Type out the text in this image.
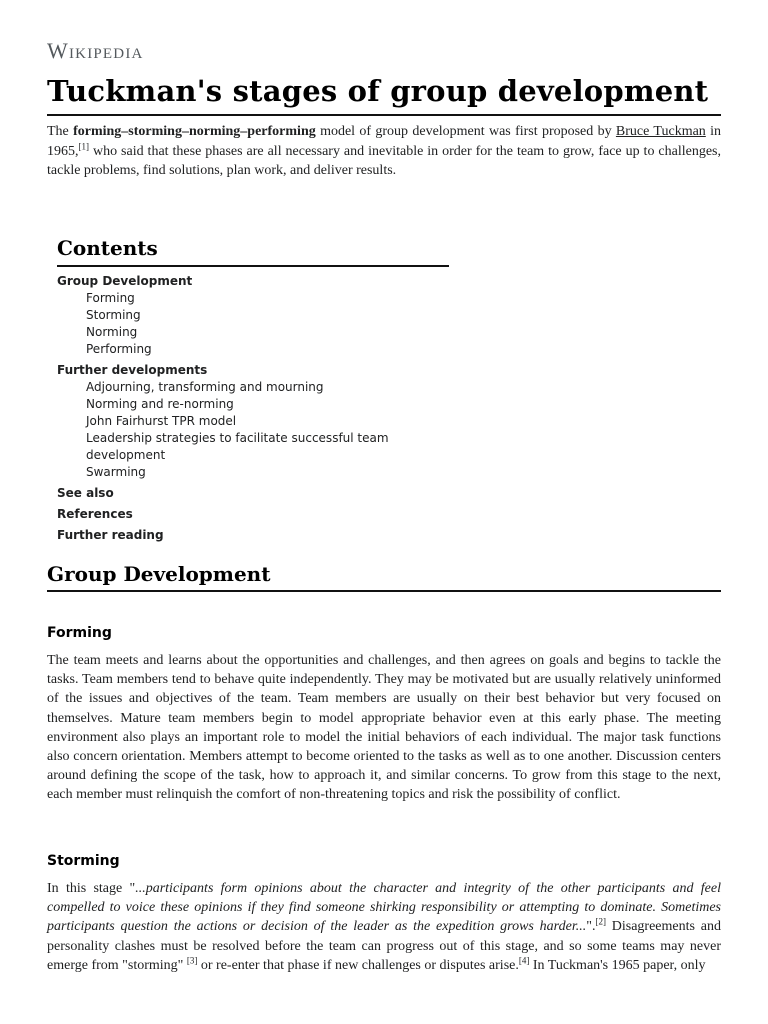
Wikipedia
Tuckman's stages of group development

The forming–storming–norming–performing model of group development was first proposed by Bruce Tuckman in 1965,[1] who said that these phases are all necessary and inevitable in order for the team to grow, face up to challenges, tackle problems, find solutions, plan work, and deliver results.

Contents
Group Development
Forming
Storming
Norming
Performing
Further developments
Adjourning, transforming and mourning
Norming and re-norming
John Fairhurst TPR model
Leadership strategies to facilitate successful team development
Swarming
See also
References
Further reading
Group Development
Forming

The team meets and learns about the opportunities and challenges, and then agrees on goals and begins to tackle the tasks. Team members tend to behave quite independently. They may be motivated but are usually relatively uninformed of the issues and objectives of the team. Team members are usually on their best behavior but very focused on themselves. Mature team members begin to model appropriate behavior even at this early phase. The meeting environment also plays an important role to model the initial behaviors of each individual. The major task functions also concern orientation. Members attempt to become oriented to the tasks as well as to one another. Discussion centers around defining the scope of the task, how to approach it, and similar concerns. To grow from this stage to the next, each member must relinquish the comfort of non-threatening topics and risk the possibility of conflict.

Storming

In this stage "...participants form opinions about the character and integrity of the other participants and feel compelled to voice these opinions if they find someone shirking responsibility or attempting to dominate. Sometimes participants question the actions or decision of the leader as the expedition grows harder...".[2] Disagreements and personality clashes must be resolved before the team can progress out of this stage, and so some teams may never emerge from "storming" [3] or re-enter that phase if new challenges or disputes arise.[4] In Tuckman's 1965 paper, only
